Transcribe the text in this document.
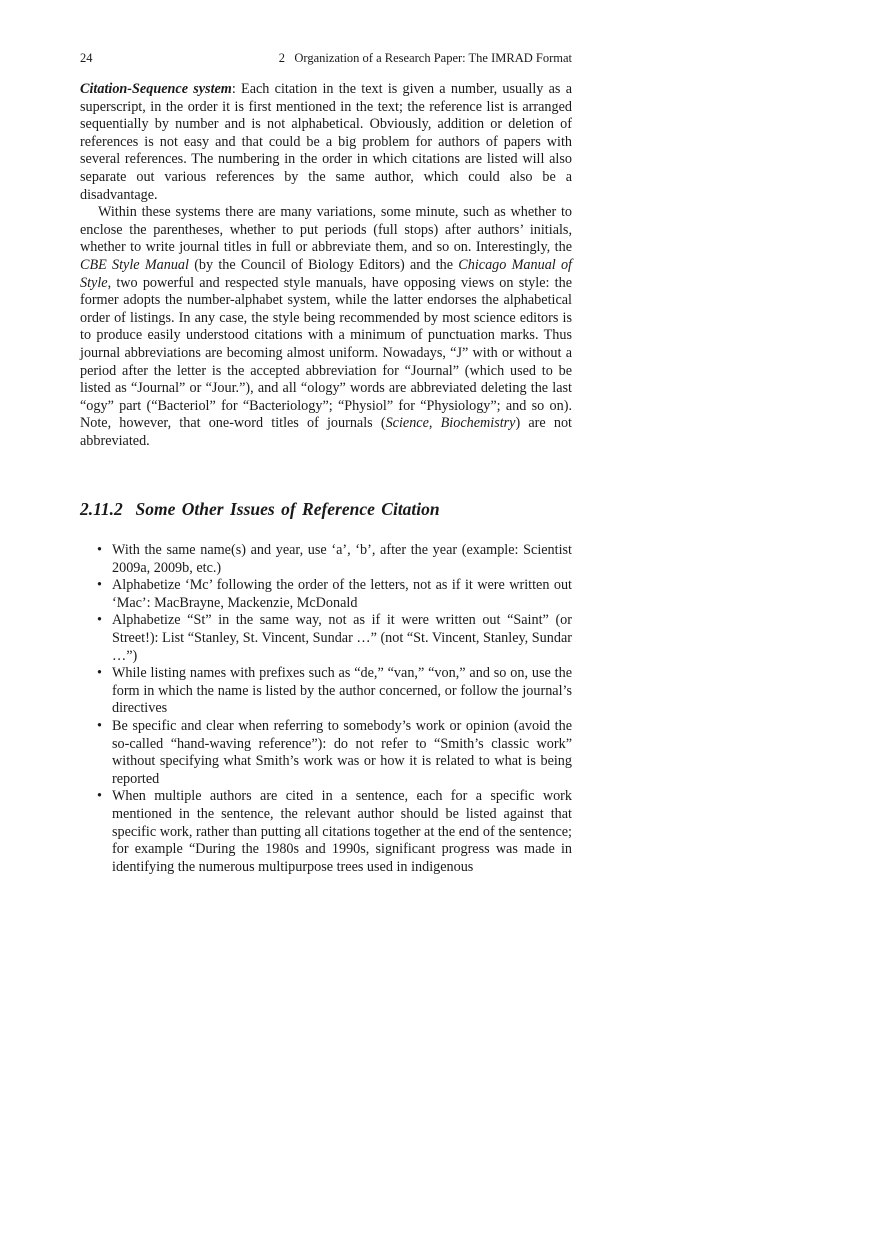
24	2   Organization of a Research Paper: The IMRAD Format

Citation-Sequence system: Each citation in the text is given a number, usually as a superscript, in the order it is first mentioned in the text; the reference list is arranged sequentially by number and is not alphabetical. Obviously, addition or deletion of references is not easy and that could be a big problem for authors of papers with several references. The numbering in the order in which citations are listed will also separate out various references by the same author, which could also be a disadvantage.

Within these systems there are many variations, some minute, such as whether to enclose the parentheses, whether to put periods (full stops) after authors’ initials, whether to write journal titles in full or abbreviate them, and so on. Interestingly, the CBE Style Manual (by the Council of Biology Editors) and the Chicago Manual of Style, two powerful and respected style manuals, have opposing views on style: the former adopts the number-alphabet system, while the latter endorses the alphabetical order of listings. In any case, the style being recommended by most science editors is to produce easily understood citations with a minimum of punctuation marks. Thus journal abbreviations are becoming almost uniform. Nowadays, “J” with or without a period after the letter is the accepted abbreviation for “Journal” (which used to be listed as “Journal” or “Jour.”), and all “ology” words are abbreviated deleting the last “ogy” part (“Bacteriol” for “Bacteriology”; “Physiol” for “Physiology”; and so on). Note, however, that one-word titles of journals (Science, Biochemistry) are not abbreviated.

2.11.2  Some Other Issues of Reference Citation
• With the same name(s) and year, use ‘a’, ‘b’, after the year (example: Scientist 2009a, 2009b, etc.)
• Alphabetize ‘Mc’ following the order of the letters, not as if it were written out ‘Mac’: MacBrayne, Mackenzie, McDonald
• Alphabetize “St” in the same way, not as if it were written out “Saint” (or Street!): List “Stanley, St. Vincent, Sundar …” (not “St. Vincent, Stanley, Sundar …”)
• While listing names with prefixes such as “de,” “van,” “von,” and so on, use the form in which the name is listed by the author concerned, or follow the journal’s directives
• Be specific and clear when referring to somebody’s work or opinion (avoid the so-called “hand-waving reference”): do not refer to “Smith’s classic work” without specifying what Smith’s work was or how it is related to what is being reported
• When multiple authors are cited in a sentence, each for a specific work mentioned in the sentence, the relevant author should be listed against that specific work, rather than putting all citations together at the end of the sentence; for example “During the 1980s and 1990s, significant progress was made in identifying the numerous multipurpose trees used in indigenous
